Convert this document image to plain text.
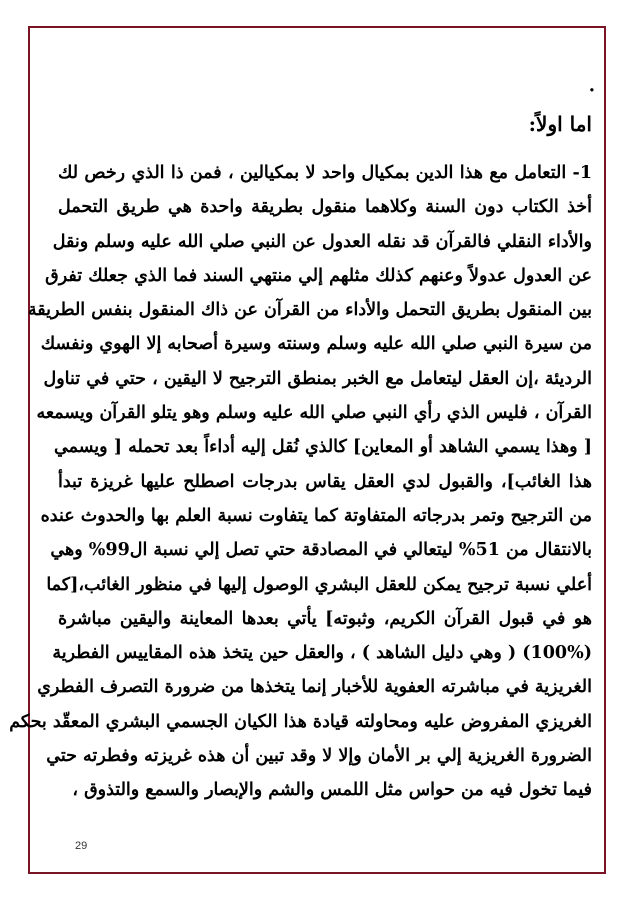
.
اما اولاً:
1- التعامل مع هذا الدين بمكيال واحد لا بمكيالين ، فمن ذا الذي رخص لك
أخذ الكتاب دون السنة وكلاهما منقول بطريقة واحدة هي طريق التحمل
والأداء النقلي فالقرآن قد نقله العدول عن النبي صلي الله عليه وسلم ونقل
عن العدول عدولاً وعنهم كذلك مثلهم إلي منتهي السند فما الذي جعلك تفرق
بين المنقول بطريق التحمل والأداء من القرآن عن ذاك المنقول بنفس الطريقة
من سيرة النبي صلي الله عليه وسلم وسنته وسيرة أصحابه إلا الهوي ونفسك
الرديئة ،إن العقل ليتعامل مع الخبر بمنطق الترجيح لا اليقين ، حتي في تناول
القرآن ، فليس الذي رأي النبي صلي الله عليه وسلم وهو يتلو القرآن ويسمعه
[ وهذا يسمي الشاهد أو المعاين] كالذي نُقل إليه أداءاً بعد تحمله [ ويسمي
هذا الغائب]، والقبول لدي العقل يقاس بدرجات اصطلح عليها غريزة تبدأ
من الترجيح وتمر بدرجاته المتفاوتة كما يتفاوت نسبة العلم بها والحدوث عنده
بالانتقال من 51% ليتعالي في المصادقة حتي تصل إلي نسبة ال99% وهي
أعلي نسبة ترجيح يمكن للعقل البشري الوصول إليها في منظور الغائب،[كما
هو في قبول القرآن الكريم، وثبوته] يأتي بعدها المعاينة واليقين مباشرة
(100%) ( وهي دليل الشاهد ) ، والعقل حين يتخذ هذه المقاييس الفطرية
الغريزية في مباشرته العفوية للأخبار إنما يتخذها من ضرورة التصرف الفطري
الغريزي المفروض عليه ومحاولته قيادة هذا الكيان الجسمي البشري المعقّد بحكم
الضرورة الغريزية إلي بر الأمان وإلا لا وقد تبين أن هذه غريزته وفطرته حتي
فيما تخول فيه من حواس مثل اللمس والشم والإبصار والسمع والتذوق ،
29
